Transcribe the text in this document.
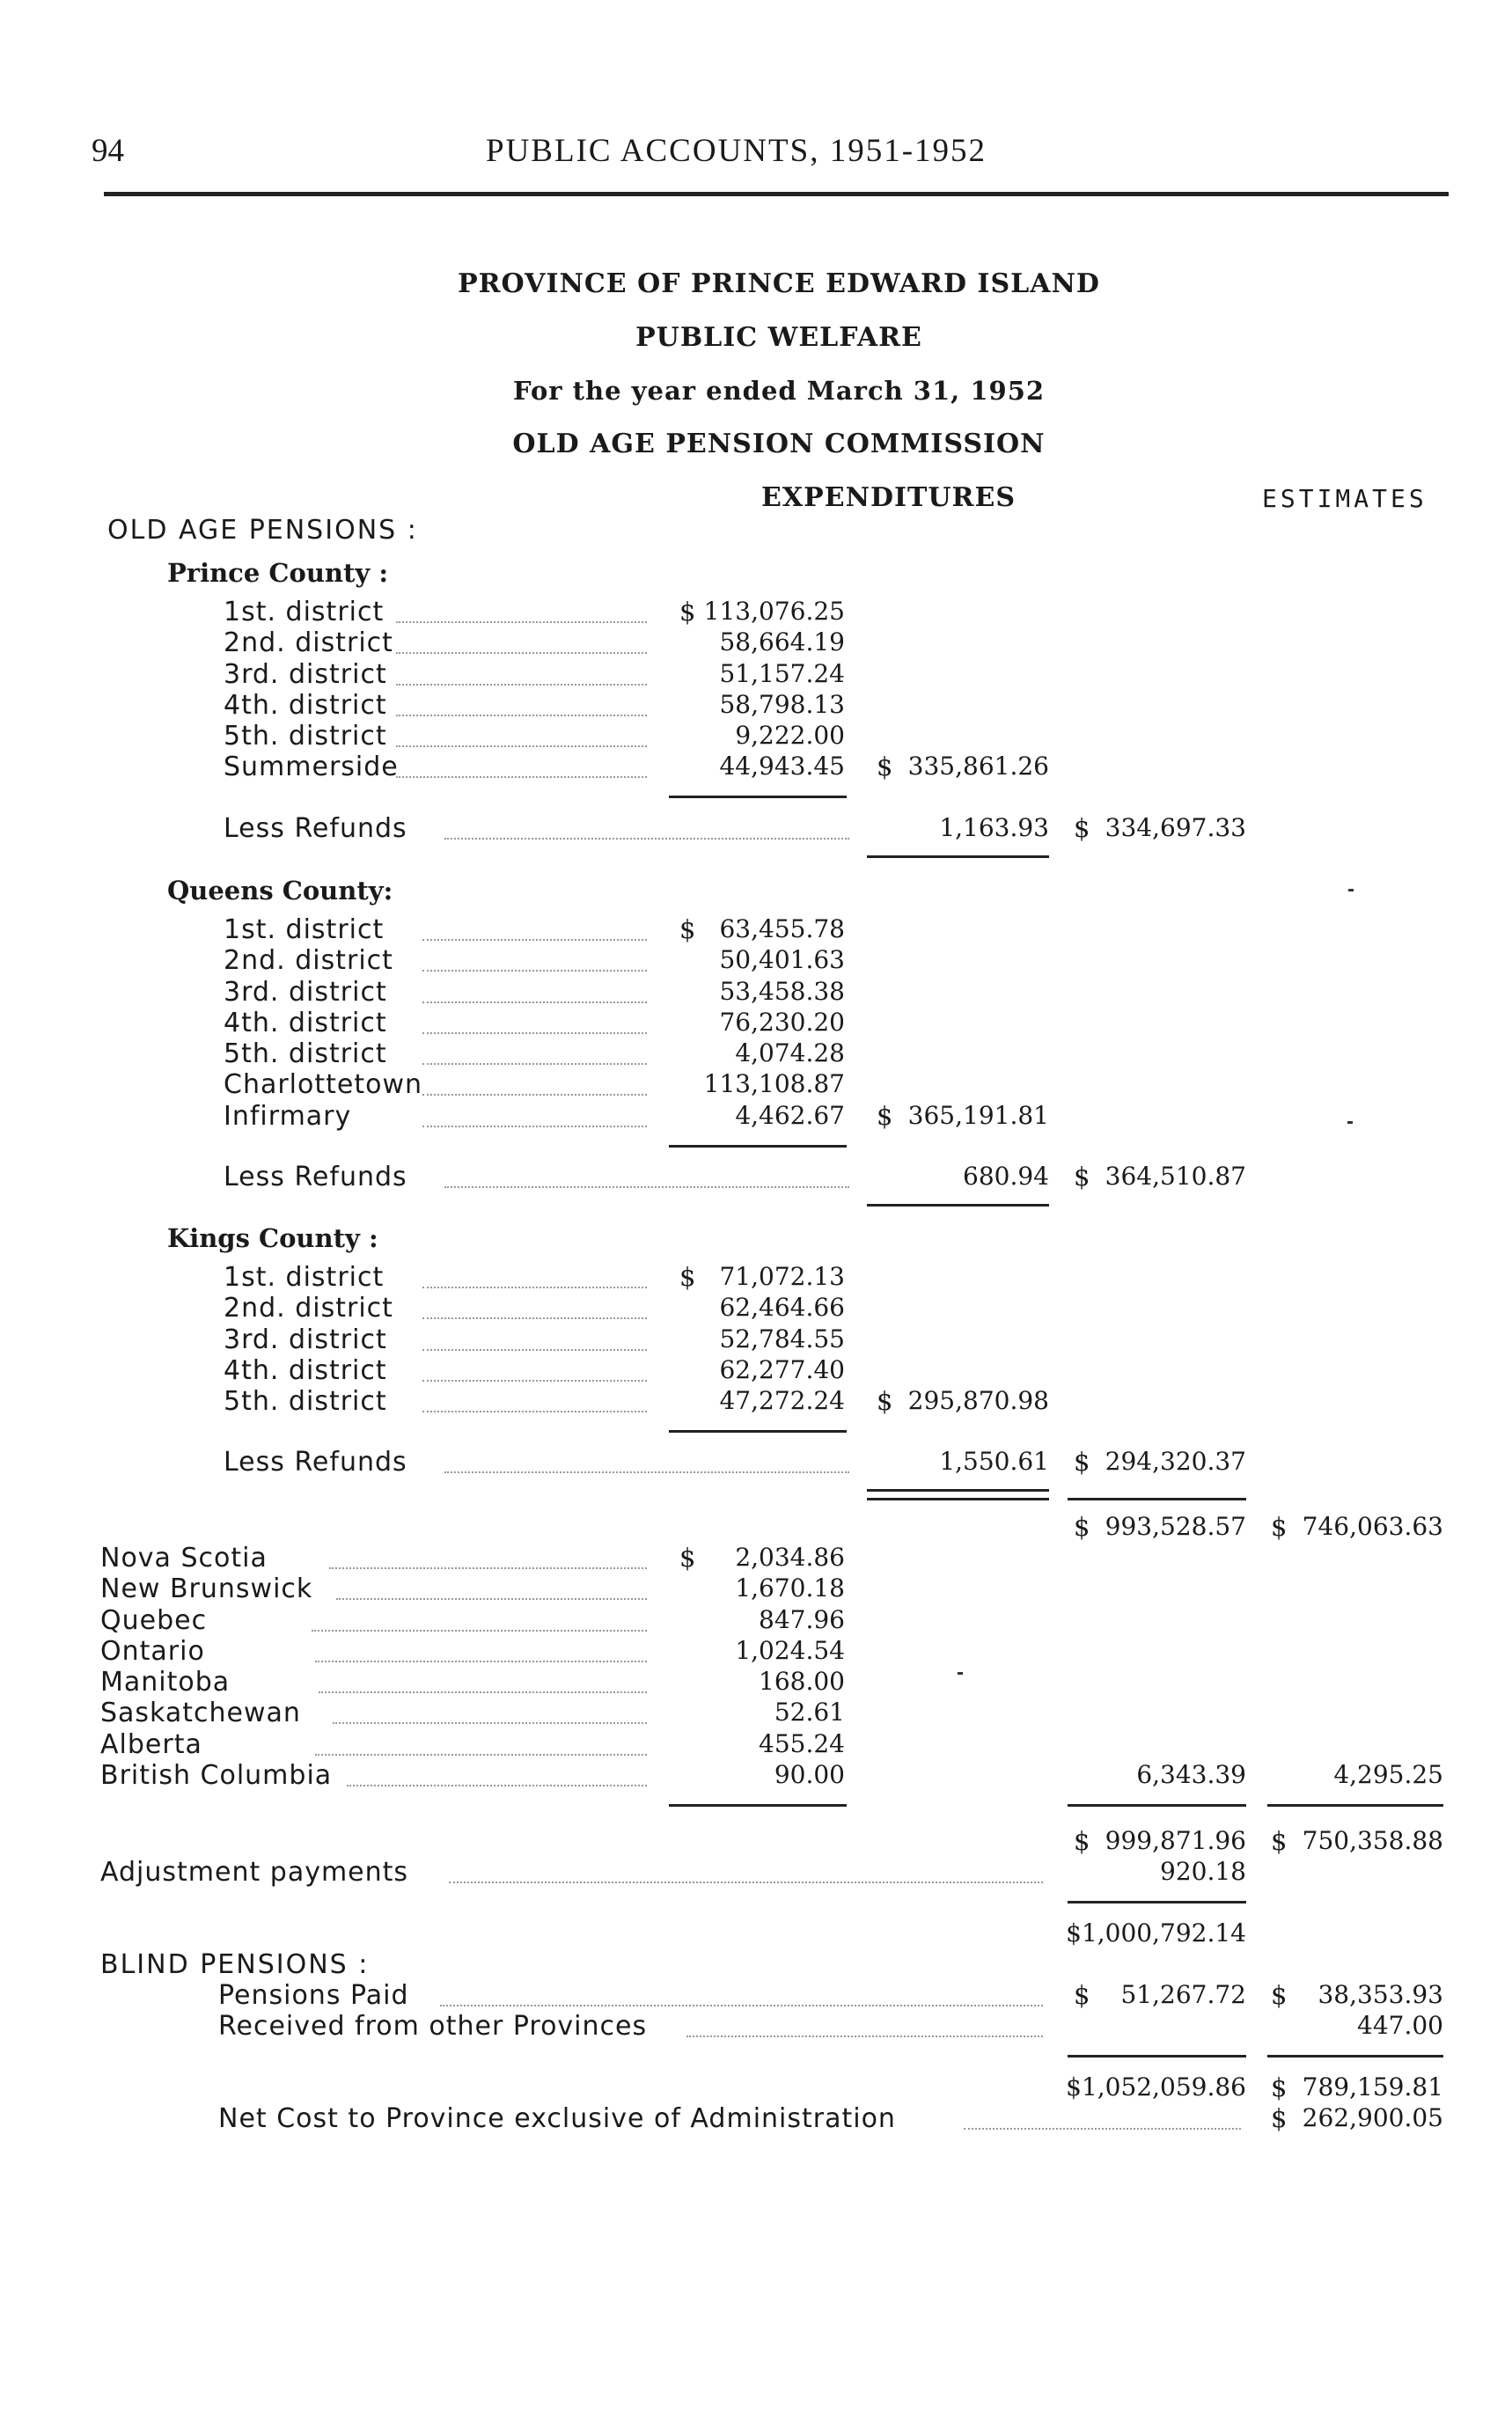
94	PUBLIC ACCOUNTS, 1951-1952
PROVINCE OF PRINCE EDWARD ISLAND
PUBLIC WELFARE
For the year ended March 31, 1952
OLD AGE PENSION COMMISSION
EXPENDITURES	ESTIMATES
OLD AGE PENSIONS :
Prince County :
1st. district	$ 113,076.25
2nd. district	58,664.19
3rd. district	51,157.24
4th. district	58,798.13
5th. district	9,222.00
Summerside	44,943.45 $ 335,861.26
Less Refunds	1,163.93 $ 334,697.33
Queens County:
1st. district	$ 63,455.78
2nd. district	50,401.63
3rd. district	53,458.38
4th. district	76,230.20
5th. district	4,074.28
Charlottetown	113,108.87
Infirmary	4,462.67 $ 365,191.81
Less Refunds	680.94 $ 364,510.87
Kings County :
1st. district	$ 71,072.13
2nd. district	62,464.66
3rd. district	52,784.55
4th. district	62,277.40
5th. district	47,272.24 $ 295,870.98
Less Refunds	1,550.61 $ 294,320.37
$ 993,528.57 $ 746,063.63
Nova Scotia	$ 2,034.86
New Brunswick	1,670.18
Quebec	847.96
Ontario	1,024.54
Manitoba	168.00
Saskatchewan	52.61
Alberta	455.24
British Columbia	90.00	6,343.39	4,295.25
$ 999,871.96 $ 750,358.88
Adjustment payments	920.18
$1,000,792.14
BLIND PENSIONS :
Pensions Paid	$ 51,267.72 $ 38,353.93
Received from other Provinces	447.00
$1,052,059.86 $ 789,159.81
Net Cost to Province exclusive of Administration	$ 262,900.05
